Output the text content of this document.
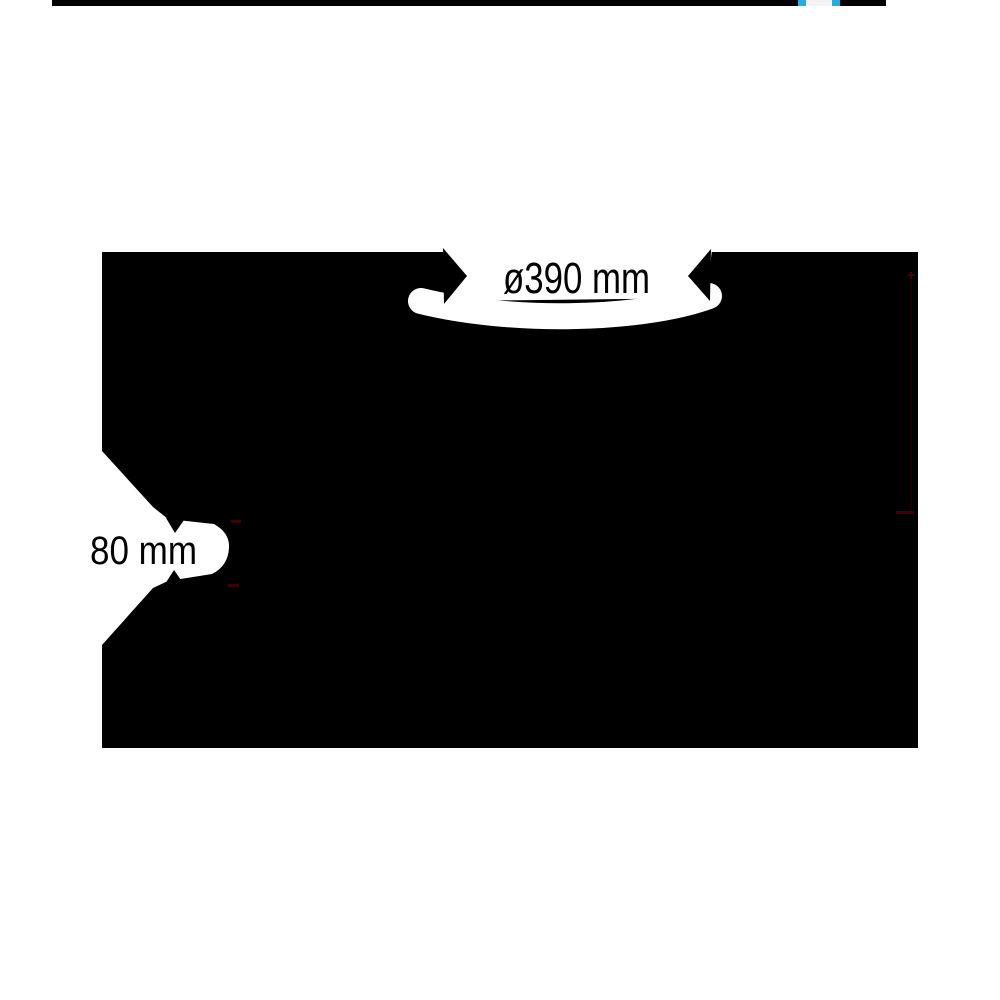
ø390 mm
80 mm
